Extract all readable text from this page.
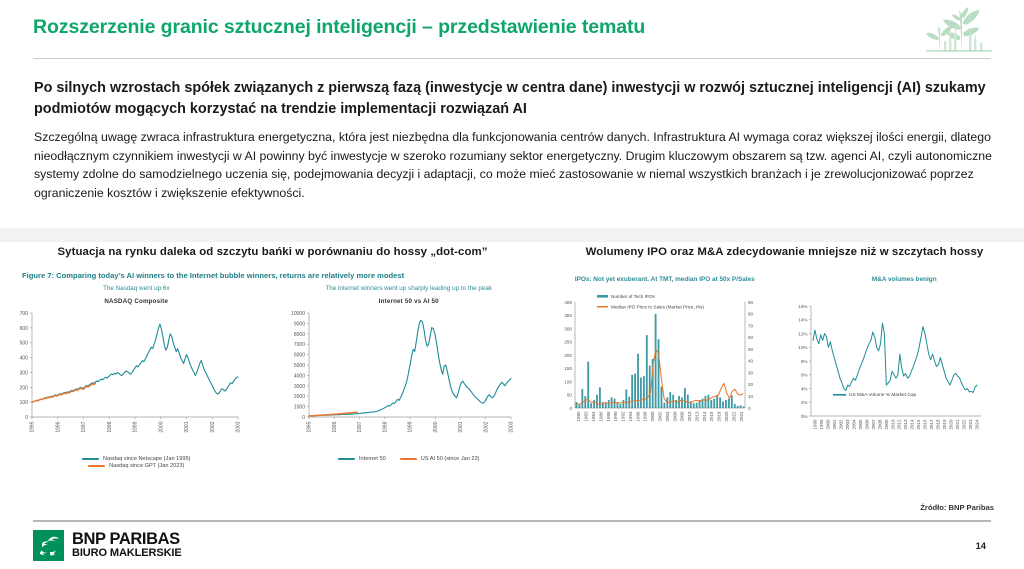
Rozszerzenie granic sztucznej inteligencji – przedstawienie tematu
Po silnych wzrostach spółek związanych z pierwszą fazą (inwestycje w centra dane) inwestycji w rozwój sztucznej inteligencji (AI) szukamy podmiotów mogących korzystać na trendzie implementacji rozwiązań AI
Szczególną uwagę zwraca infrastruktura energetyczna, która jest niezbędna dla funkcjonowania centrów danych. Infrastruktura AI wymaga coraz większej ilości energii, dlatego nieodłącznym czynnikiem inwestycji w AI powinny być inwestycje w szeroko rozumiany sektor energetyczny. Drugim kluczowym obszarem są tzw. agenci AI, czyli autonomiczne systemy zdolne do samodzielnego uczenia się, podejmowania decyzji i adaptacji, co może mieć zastosowanie w niemal wszystkich branżach i je zrewolucjonizować poprzez ograniczenie kosztów i zwiększenie efektywności.
Sytuacja na rynku daleka od szczytu bańki w porównaniu do hossy „dot-com”
Figure 7: Comparing today’s AI winners to the Internet bubble winners, returns are relatively more modest
The Nasdaq went up 6x
NASDAQ Composite
0
100
200
300
400
500
600
700
1995	1996	1997	1998	1999	2000	2001	2002	2003
Nasdaq since Netscape (Jan 1995)
Nasdaq since GPT (Jan 2023)
The internet winners went up sharply leading up to the peak
Internet 50 vs AI 50
0
1000
2000
3000
4000
5000
6000
7000
8000
9000
10000
1995	1996	1997	1998	1999	2000	2001	2002	2003
Internet 50	US AI 50 (since Jan 23)
Wolumeny IPO oraz M&A zdecydowanie mniejsze niż w szczytach hossy
IPOs: Not yet exuberant. At TMT, median IPO at 50x P/Sales
0
50
100
150
200
250
300
350
400
0
10
20
30
40
50
60
70
80
90
1980 1982 1984 1986 1988 1990 1992 1994 1996 1998 2000 2002 2004 2006 2008 2010 2013 2014 2016 2018 2020 2022 2024
Number of Tech IPOs
Median IPO Price to Sales (Market Price, rhs)
M&A volumes benign
0%
2%
4%
6%
8%
10%
12%
14%
16%
1998 1999 2000 2001 2002 2003 2004 2005 2006 2007 2008 2009 2010 2012 2013 2014 2015 2016 2017 2018 2019 2020 2021 2022 2023 2024
US M&A Volume % Market Cap
Źródło: BNP Paribas
BNP PARIBAS
BIURO MAKLERSKIE
14
